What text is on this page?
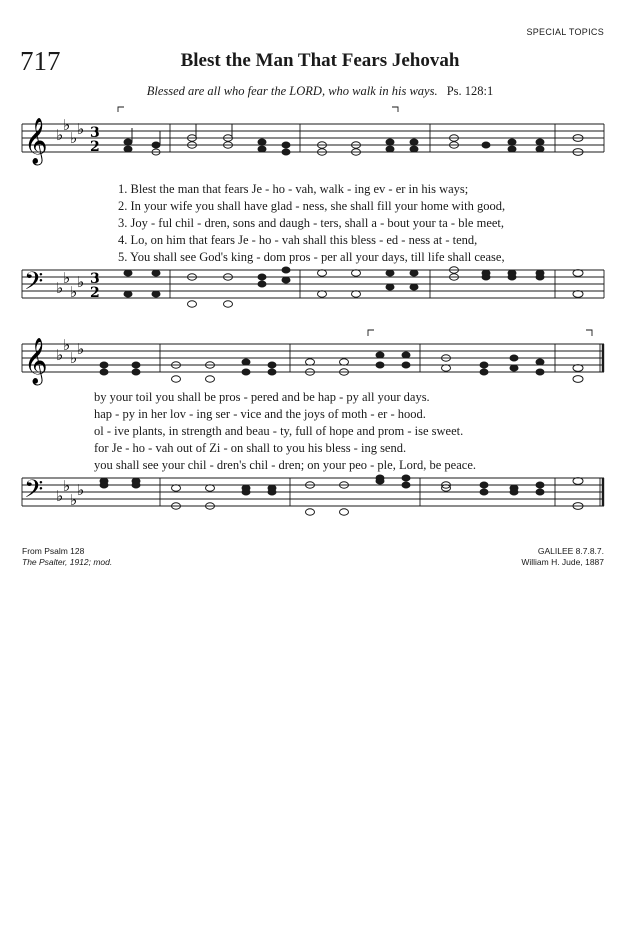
SPECIAL TOPICS
717	Blest the Man That Fears Jehovah
Blessed are all who fear the LORD, who walk in his ways. Ps. 128:1
𝄞 ♭
♭
♭ ♭ 3
2
1. Blest the man that fears Je - ho - vah, walk - ing ev - er in his ways;
2. In your wife you shall have glad - ness, she shall fill your home with good,
3. Joy - ful chil - dren, sons and daugh - ters, shall a - bout your ta - ble meet,
4. Lo, on him that fears Je - ho - vah shall this bless - ed - ness at - tend,
5. You shall see God's king - dom pros - per all your days, till life shall cease,
𝄢 ♭
♭
♭
♭ 3
2
𝄞 ♭
♭
♭ ♭
by your toil you shall be pros - pered and be hap - py all your days.
hap - py in her lov - ing ser - vice and the joys of moth - er - hood.
ol - ive plants, in strength and beau - ty, full of hope and prom - ise sweet.
for Je - ho - vah out of Zi - on shall to you his bless - ing send.
you shall see your chil - dren's chil - dren; on your peo - ple, Lord, be peace.
𝄢 ♭
♭
♭
♭
From Psalm 128
The Psalter, 1912; mod.
GALILEE 8.7.8.7.
William H. Jude, 1887
